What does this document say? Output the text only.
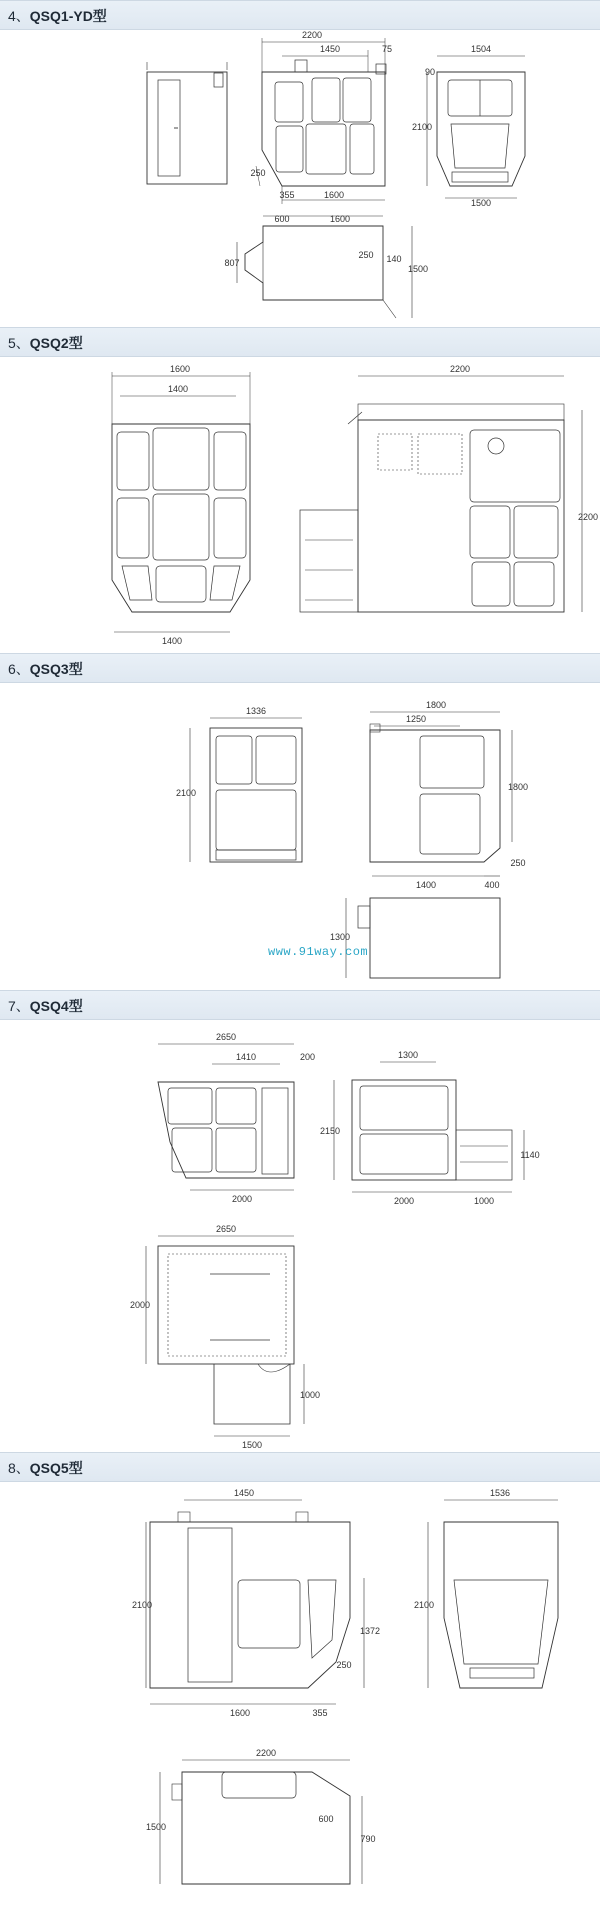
4、QSQ1-YD型
5、QSQ2型
6、QSQ3型
7、QSQ4型
8、QSQ5型
2200
1450	75	1504
90
2100
250
355	1600
1500
600	1600
250 140
807
1500
1600
1400
1400
2200
2200
1336
2100
1800
1250
1800
250
1400	400
1300
www.91way.com
2650
1410	200
2000
1300
2150
1140
2000	1000
2650
2000
1000
1500
1450
2100
1372
250
1600	355
1536
2100
2200
1500
600
790
